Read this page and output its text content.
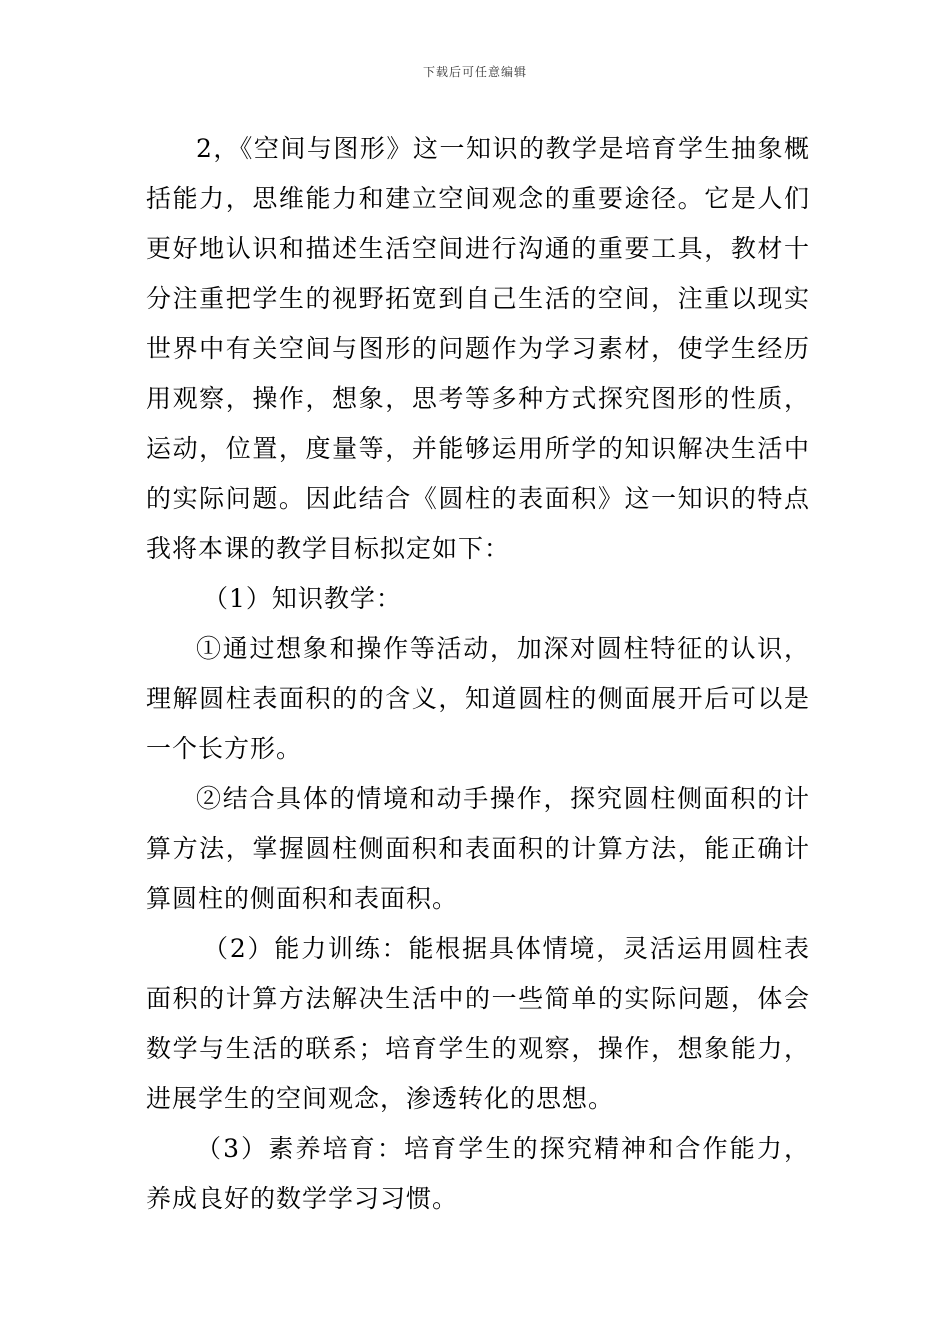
下载后可任意编辑

2，《空间与图形》这一知识的教学是培育学生抽象概括能力，思维能力和建立空间观念的重要途径。它是人们更好地认识和描述生活空间进行沟通的重要工具，教材十分注重把学生的视野拓宽到自己生活的空间，注重以现实世界中有关空间与图形的问题作为学习素材，使学生经历用观察，操作，想象，思考等多种方式探究图形的性质，运动，位置，度量等，并能够运用所学的知识解决生活中的实际问题。因此结合《圆柱的表面积》这一知识的特点我将本课的教学目标拟定如下：

（1）知识教学：

①通过想象和操作等活动，加深对圆柱特征的认识，理解圆柱表面积的的含义，知道圆柱的侧面展开后可以是一个长方形。

②结合具体的情境和动手操作，探究圆柱侧面积的计算方法，掌握圆柱侧面积和表面积的计算方法，能正确计算圆柱的侧面积和表面积。

（2）能力训练：能根据具体情境，灵活运用圆柱表面积的计算方法解决生活中的一些简单的实际问题，体会数学与生活的联系；培育学生的观察，操作，想象能力，进展学生的空间观念，渗透转化的思想。

（3）素养培育：培育学生的探究精神和合作能力，养成良好的数学学习习惯。
